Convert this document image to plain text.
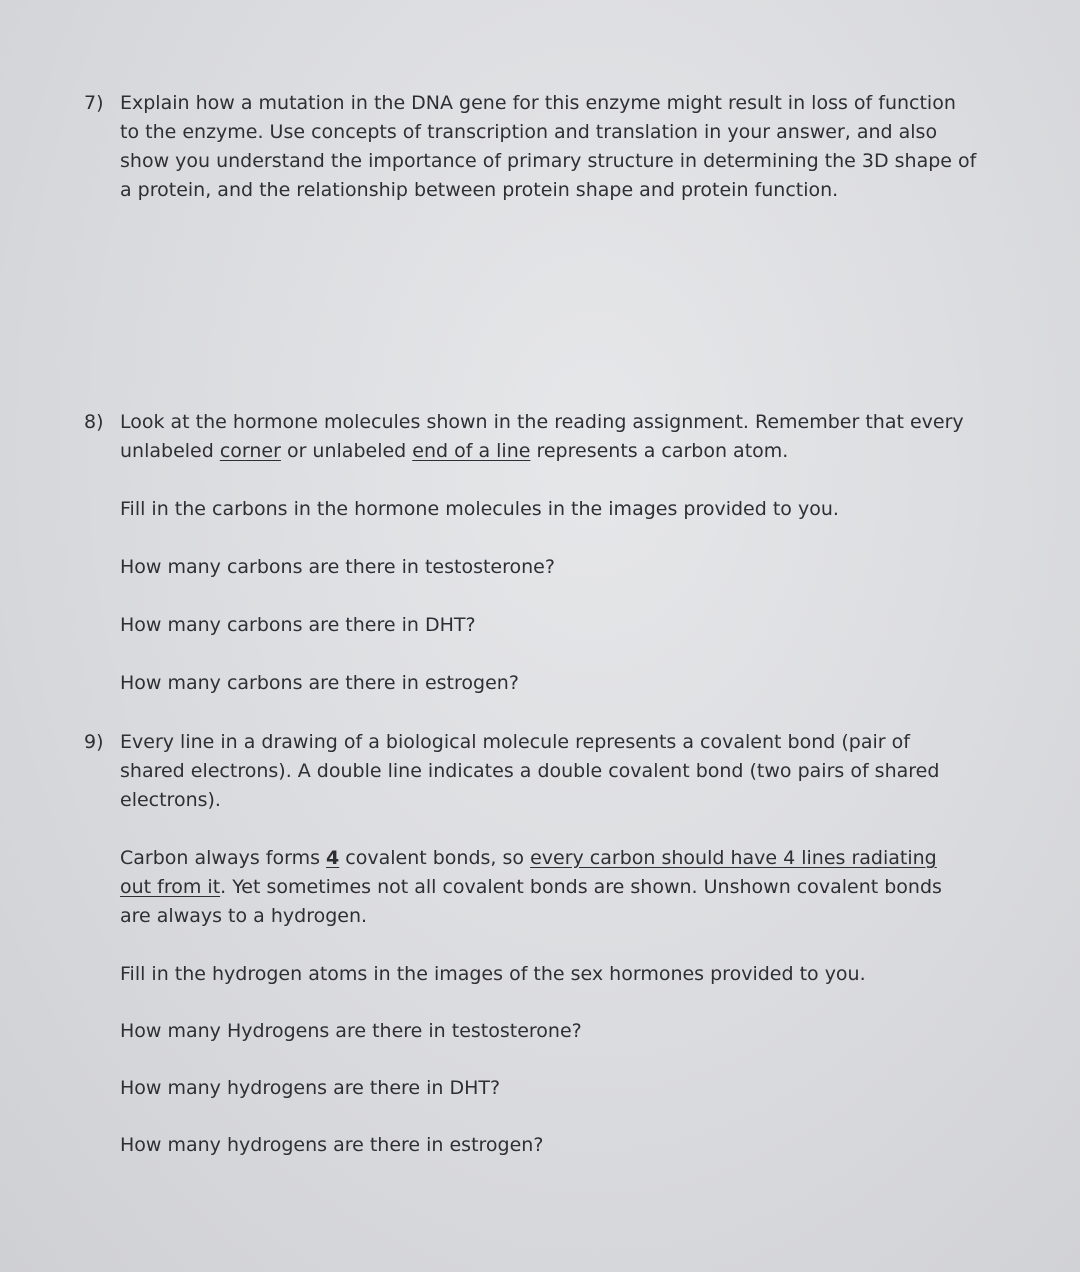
7) Explain how a mutation in the DNA gene for this enzyme might result in loss of function to the enzyme. Use concepts of transcription and translation in your answer, and also show you understand the importance of primary structure in determining the 3D shape of a protein, and the relationship between protein shape and protein function.

8) Look at the hormone molecules shown in the reading assignment. Remember that every unlabeled corner or unlabeled end of a line represents a carbon atom.

Fill in the carbons in the hormone molecules in the images provided to you.

How many carbons are there in testosterone?

How many carbons are there in DHT?

How many carbons are there in estrogen?

9) Every line in a drawing of a biological molecule represents a covalent bond (pair of shared electrons). A double line indicates a double covalent bond (two pairs of shared electrons).

Carbon always forms 4 covalent bonds, so every carbon should have 4 lines radiating out from it. Yet sometimes not all covalent bonds are shown. Unshown covalent bonds are always to a hydrogen.

Fill in the hydrogen atoms in the images of the sex hormones provided to you.

How many Hydrogens are there in testosterone?

How many hydrogens are there in DHT?

How many hydrogens are there in estrogen?
